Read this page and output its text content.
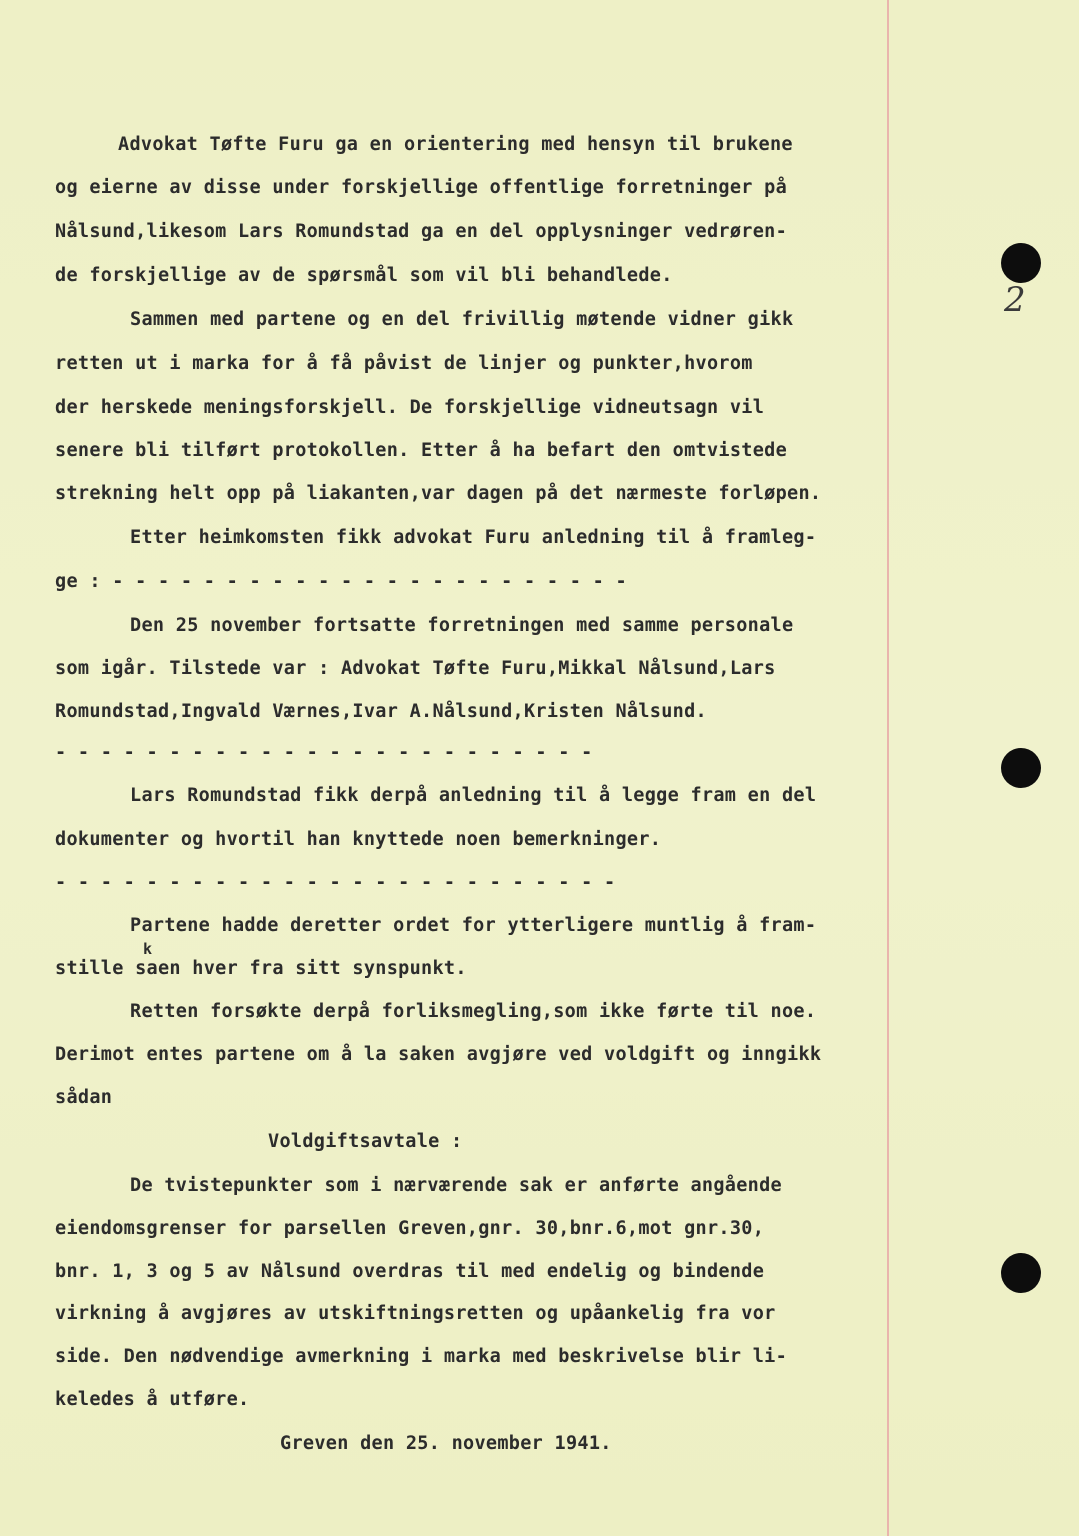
2
Advokat Tøfte Furu ga en orientering med hensyn til brukene
og eierne av disse under forskjellige offentlige forretninger på
Nålsund,likesom Lars Romundstad ga en del opplysninger vedrøren-
de forskjellige av de spørsmål som vil bli behandlede.
Sammen med partene og en del frivillig møtende vidner gikk
retten ut i marka for å få påvist de linjer og punkter,hvorom
der herskede meningsforskjell. De forskjellige vidneutsagn vil
senere bli tilført protokollen. Etter å ha befart den omtvistede
strekning helt opp på liakanten,var dagen på det nærmeste forløpen.
Etter heimkomsten fikk advokat Furu anledning til å framleg-
ge : - - - - - - - - - - - - - - - - - - - - - - -
Den 25 november fortsatte forretningen med samme personale
som igår. Tilstede var : Advokat Tøfte Furu,Mikkal Nålsund,Lars
Romundstad,Ingvald Værnes,Ivar A.Nålsund,Kristen Nålsund.
- - - - - - - - - - - - - - - - - - - - - - - -
Lars Romundstad fikk derpå anledning til å legge fram en del
dokumenter og hvortil han knyttede noen bemerkninger.
- - - - - - - - - - - - - - - - - - - - - - - - -
Partene hadde deretter ordet for ytterligere muntlig å fram-
k
stille saen hver fra sitt synspunkt.
Retten forsøkte derpå forliksmegling,som ikke førte til noe.
Derimot entes partene om å la saken avgjøre ved voldgift og inngikk
sådan
Voldgiftsavtale :
De tvistepunkter som i nærværende sak er anførte angående
eiendomsgrenser for parsellen Greven,gnr. 30,bnr.6,mot gnr.30,
bnr. 1, 3 og 5 av Nålsund overdras til med endelig og bindende
virkning å avgjøres av utskiftningsretten og upåankelig fra vor
side. Den nødvendige avmerkning i marka med beskrivelse blir li-
keledes å utføre.
Greven den 25. november 1941.
